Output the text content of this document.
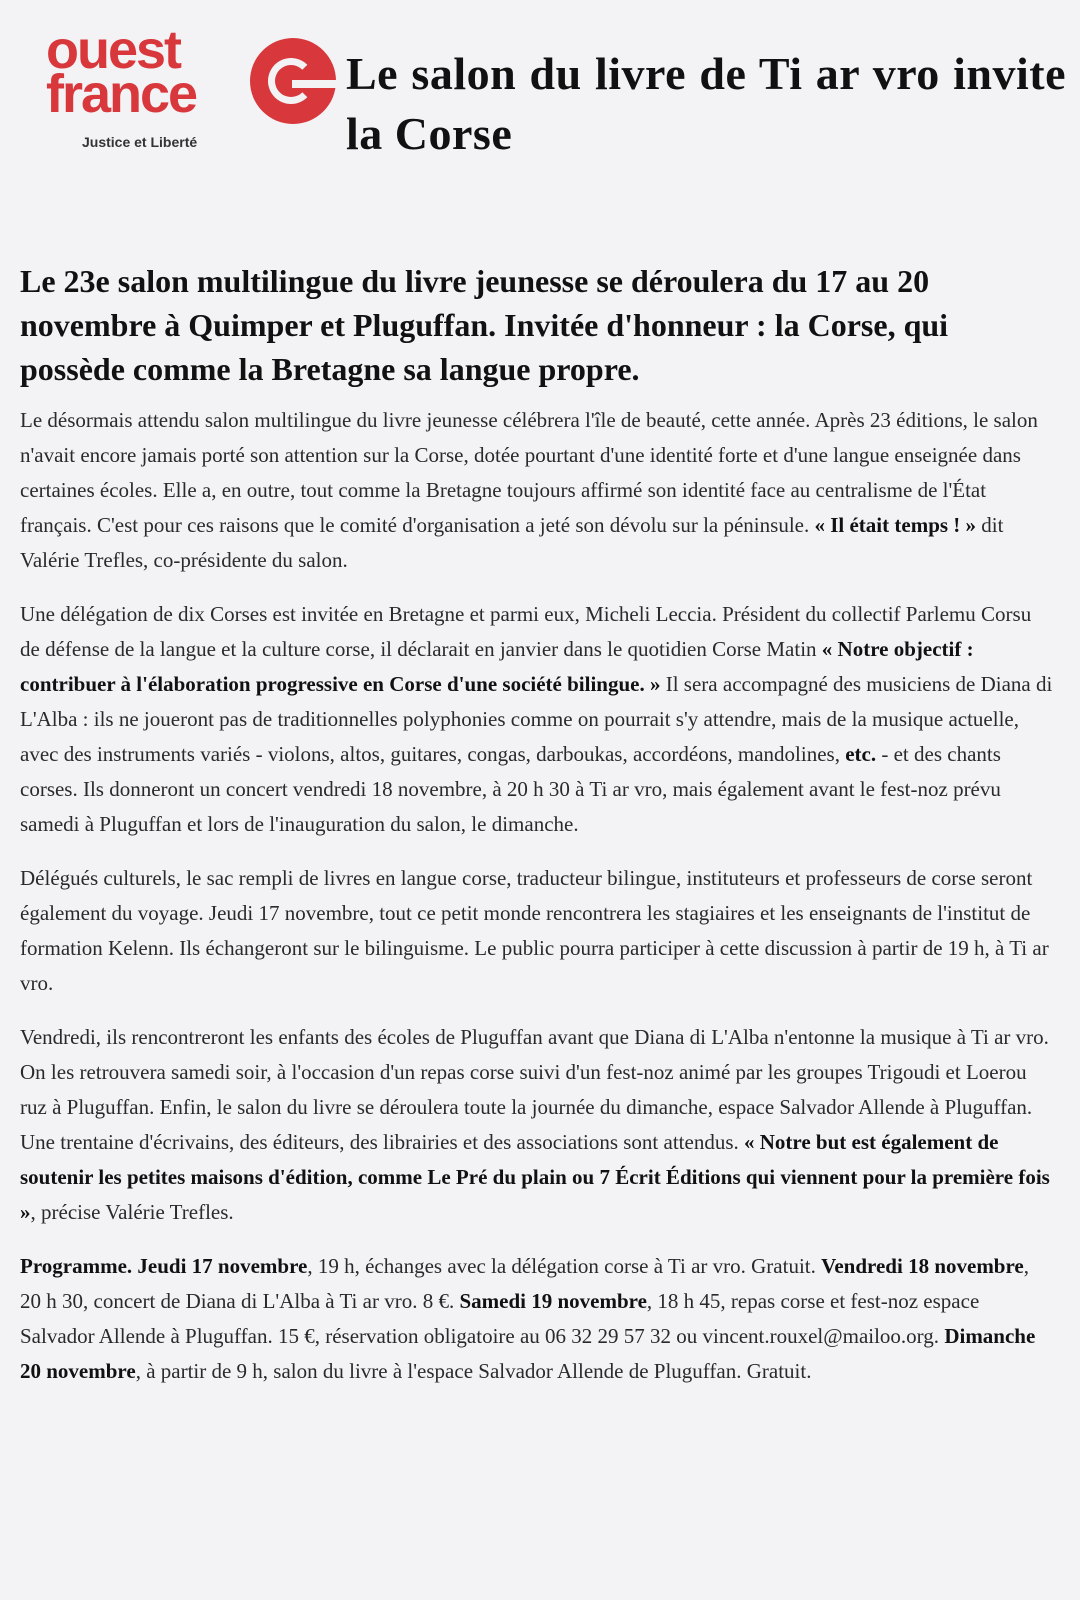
ouest
france
Justice et Liberté
Le salon du livre de Ti ar vro invite la Corse
Le 23e salon multilingue du livre jeunesse se déroulera du 17 au 20 novembre à Quimper et Pluguffan. Invitée d'honneur : la Corse, qui possède comme la Bretagne sa langue propre.

Le désormais attendu salon multilingue du livre jeunesse célébrera l'île de beauté, cette année. Après 23 éditions, le salon n'avait encore jamais porté son attention sur la Corse, dotée pourtant d'une identité forte et d'une langue enseignée dans certaines écoles. Elle a, en outre, tout comme la Bretagne toujours affirmé son identité face au centralisme de l'État français. C'est pour ces raisons que le comité d'organisation a jeté son dévolu sur la péninsule. « Il était temps ! » dit Valérie Trefles, co-présidente du salon.

Une délégation de dix Corses est invitée en Bretagne et parmi eux, Micheli Leccia. Président du collectif Parlemu Corsu de défense de la langue et la culture corse, il déclarait en janvier dans le quotidien Corse Matin « Notre objectif : contribuer à l'élaboration progressive en Corse d'une société bilingue. » Il sera accompagné des musiciens de Diana di L'Alba : ils ne joueront pas de traditionnelles polyphonies comme on pourrait s'y attendre, mais de la musique actuelle, avec des instruments variés - violons, altos, guitares, congas, darboukas, accordéons, mandolines, etc. - et des chants corses. Ils donneront un concert vendredi 18 novembre, à 20 h 30 à Ti ar vro, mais également avant le fest-noz prévu samedi à Pluguffan et lors de l'inauguration du salon, le dimanche.

Délégués culturels, le sac rempli de livres en langue corse, traducteur bilingue, instituteurs et professeurs de corse seront également du voyage. Jeudi 17 novembre, tout ce petit monde rencontrera les stagiaires et les enseignants de l'institut de formation Kelenn. Ils échangeront sur le bilinguisme. Le public pourra participer à cette discussion à partir de 19 h, à Ti ar vro.

Vendredi, ils rencontreront les enfants des écoles de Pluguffan avant que Diana di L'Alba n'entonne la musique à Ti ar vro. On les retrouvera samedi soir, à l'occasion d'un repas corse suivi d'un fest-noz animé par les groupes Trigoudi et Loerou ruz à Pluguffan. Enfin, le salon du livre se déroulera toute la journée du dimanche, espace Salvador Allende à Pluguffan. Une trentaine d'écrivains, des éditeurs, des librairies et des associations sont attendus. « Notre but est également de soutenir les petites maisons d'édition, comme Le Pré du plain ou 7 Écrit Éditions qui viennent pour la première fois », précise Valérie Trefles.

Programme. Jeudi 17 novembre, 19 h, échanges avec la délégation corse à Ti ar vro. Gratuit. Vendredi 18 novembre, 20 h 30, concert de Diana di L'Alba à Ti ar vro. 8 €. Samedi 19 novembre, 18 h 45, repas corse et fest-noz espace Salvador Allende à Pluguffan. 15 €, réservation obligatoire au 06 32 29 57 32 ou vincent.rouxel@mailoo.org. Dimanche 20 novembre, à partir de 9 h, salon du livre à l'espace Salvador Allende de Pluguffan. Gratuit.
